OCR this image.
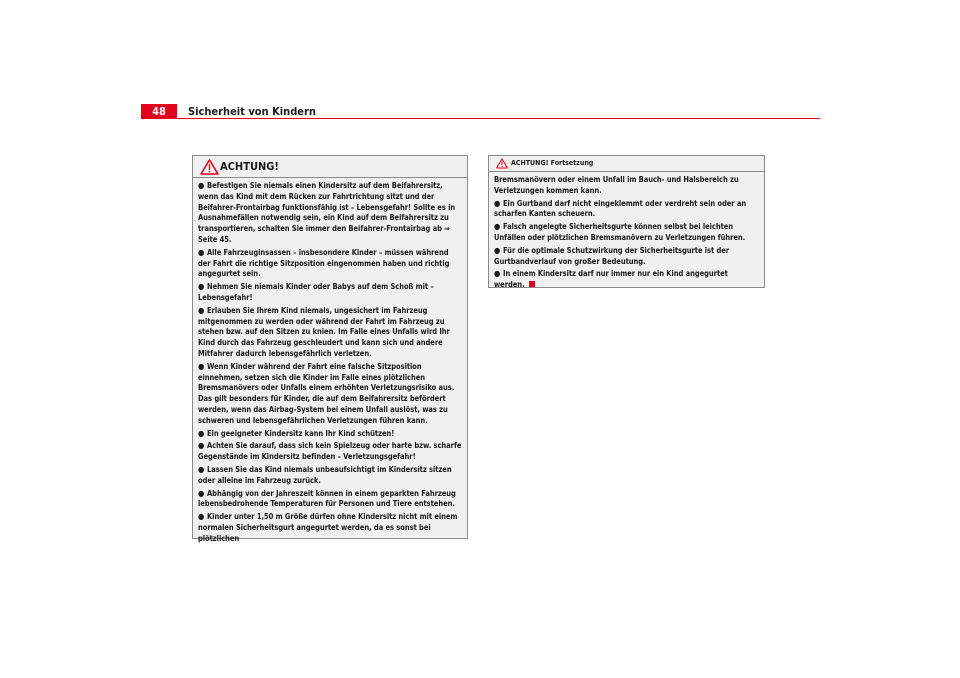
48	Sicherheit von Kindern
ACHTUNG!

● Befestigen Sie niemals einen Kindersitz auf dem Beifahrersitz, wenn das Kind mit dem Rücken zur Fahrtrichtung sitzt und der Beifahrer-Frontairbag funktionsfähig ist – Lebensgefahr! Sollte es in Ausnahmefällen notwendig sein, ein Kind auf dem Beifahrersitz zu transportieren, schalten Sie immer den Beifahrer-Frontairbag ab ⇒ Seite 45.

● Alle Fahrzeuginsassen – insbesondere Kinder – müssen während der Fahrt die richtige Sitzposition eingenommen haben und richtig angegurtet sein.

● Nehmen Sie niemals Kinder oder Babys auf dem Schoß mit – Lebensgefahr!

● Erlauben Sie Ihrem Kind niemals, ungesichert im Fahrzeug mitgenommen zu werden oder während der Fahrt im Fahrzeug zu stehen bzw. auf den Sitzen zu knien. Im Falle eines Unfalls wird Ihr Kind durch das Fahrzeug geschleudert und kann sich und andere Mitfahrer dadurch lebensgefährlich verletzen.

● Wenn Kinder während der Fahrt eine falsche Sitzposition einnehmen, setzen sich die Kinder im Falle eines plötzlichen Bremsmanövers oder Unfalls einem erhöhten Verletzungsrisiko aus. Das gilt besonders für Kinder, die auf dem Beifahrersitz befördert werden, wenn das Airbag-System bei einem Unfall auslöst, was zu schweren und lebensgefährlichen Verletzungen führen kann.

● Ein geeigneter Kindersitz kann Ihr Kind schützen!

● Achten Sie darauf, dass sich kein Spielzeug oder harte bzw. scharfe Gegenstände im Kindersitz befinden – Verletzungsgefahr!

● Lassen Sie das Kind niemals unbeaufsichtigt im Kindersitz sitzen oder alleine im Fahrzeug zurück.

● Abhängig von der Jahreszeit können in einem geparkten Fahrzeug lebensbedrohende Temperaturen für Personen und Tiere entstehen.

● Kinder unter 1,50 m Größe dürfen ohne Kindersitz nicht mit einem normalen Sicherheitsgurt angegurtet werden, da es sonst bei plötzlichen

ACHTUNG! Fortsetzung

Bremsmanövern oder einem Unfall im Bauch- und Halsbereich zu Verletzungen kommen kann.

● Ein Gurtband darf nicht eingeklemmt oder verdreht sein oder an scharfen Kanten scheuern.

● Falsch angelegte Sicherheitsgurte können selbst bei leichten Unfällen oder plötzlichen Bremsmanövern zu Verletzungen führen.

● Für die optimale Schutzwirkung der Sicherheitsgurte ist der Gurtbandverlauf von großer Bedeutung.

● In einem Kindersitz darf nur immer nur ein Kind angegurtet werden.
